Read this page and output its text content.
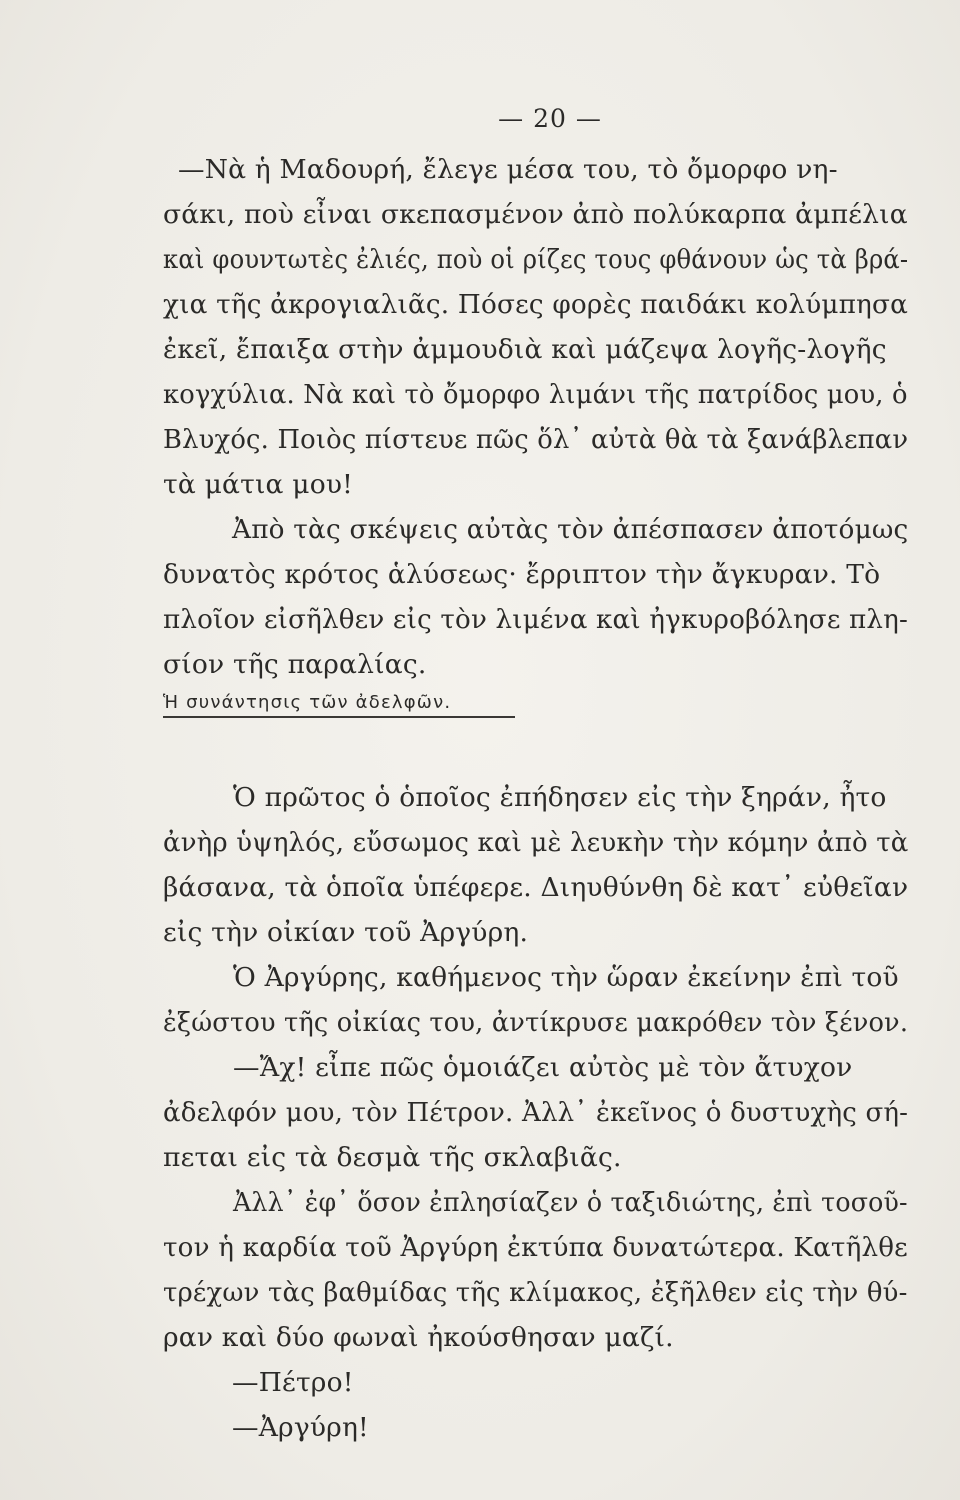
— 20 —
—Νὰ ἡ Μαδουρή, ἔλεγε μέσα του, τὸ ὄμορφο νη-
σάκι, ποὺ εἶναι σκεπασμένον ἀπὸ πολύκαρπα ἀμπέλια
καὶ φουντωτὲς ἐλιές, ποὺ οἱ ρίζες τους φθάνουν ὡς τὰ βρά-
χια τῆς ἀκρογιαλιᾶς. Πόσες φορὲς παιδάκι κολύμπησα
ἐκεῖ, ἔπαιξα στὴν ἀμμουδιὰ καὶ μάζεψα λογῆς-λογῆς
κογχύλια. Νὰ καὶ τὸ ὄμορφο λιμάνι τῆς πατρίδος μου, ὁ
Βλυχός. Ποιὸς πίστευε πῶς ὅλ᾽ αὐτὰ θὰ τὰ ξανάβλεπαν
τὰ μάτια μου!
Ἀπὸ τὰς σκέψεις αὐτὰς τὸν ἀπέσπασεν ἀποτόμως
δυνατὸς κρότος ἁλύσεως· ἔρριπτον τὴν ἄγκυραν. Τὸ
πλοῖον εἰσῆλθεν εἰς τὸν λιμένα καὶ ἠγκυροβόλησε πλη-
σίον τῆς παραλίας.
Ἡ συνάντησις τῶν ἀδελφῶν.
Ὁ πρῶτος ὁ ὁποῖος ἐπήδησεν εἰς τὴν ξηράν, ἦτο
ἀνὴρ ὑψηλός, εὔσωμος καὶ μὲ λευκὴν τὴν κόμην ἀπὸ τὰ
βάσανα, τὰ ὁποῖα ὑπέφερε. Διηυθύνθη δὲ κατ᾽ εὐθεῖαν
εἰς τὴν οἰκίαν τοῦ Ἀργύρη.
Ὁ Ἀργύρης, καθήμενος τὴν ὥραν ἐκείνην ἐπὶ τοῦ
ἐξώστου τῆς οἰκίας του, ἀντίκρυσε μακρόθεν τὸν ξένον.
—Ἄχ! εἶπε πῶς ὁμοιάζει αὐτὸς μὲ τὸν ἄτυχον
ἀδελφόν μου, τὸν Πέτρον. Ἀλλ᾽ ἐκεῖνος ὁ δυστυχὴς σή-
πεται εἰς τὰ δεσμὰ τῆς σκλαβιᾶς.
Ἀλλ᾽ ἐφ᾽ ὅσον ἐπλησίαζεν ὁ ταξιδιώτης, ἐπὶ τοσοῦ-
τον ἡ καρδία τοῦ Ἀργύρη ἐκτύπα δυνατώτερα. Κατῆλθε
τρέχων τὰς βαθμίδας τῆς κλίμακος, ἐξῆλθεν εἰς τὴν θύ-
ραν καὶ δύο φωναὶ ἠκούσθησαν μαζί.
—Πέτρο!
—Ἀργύρη!
